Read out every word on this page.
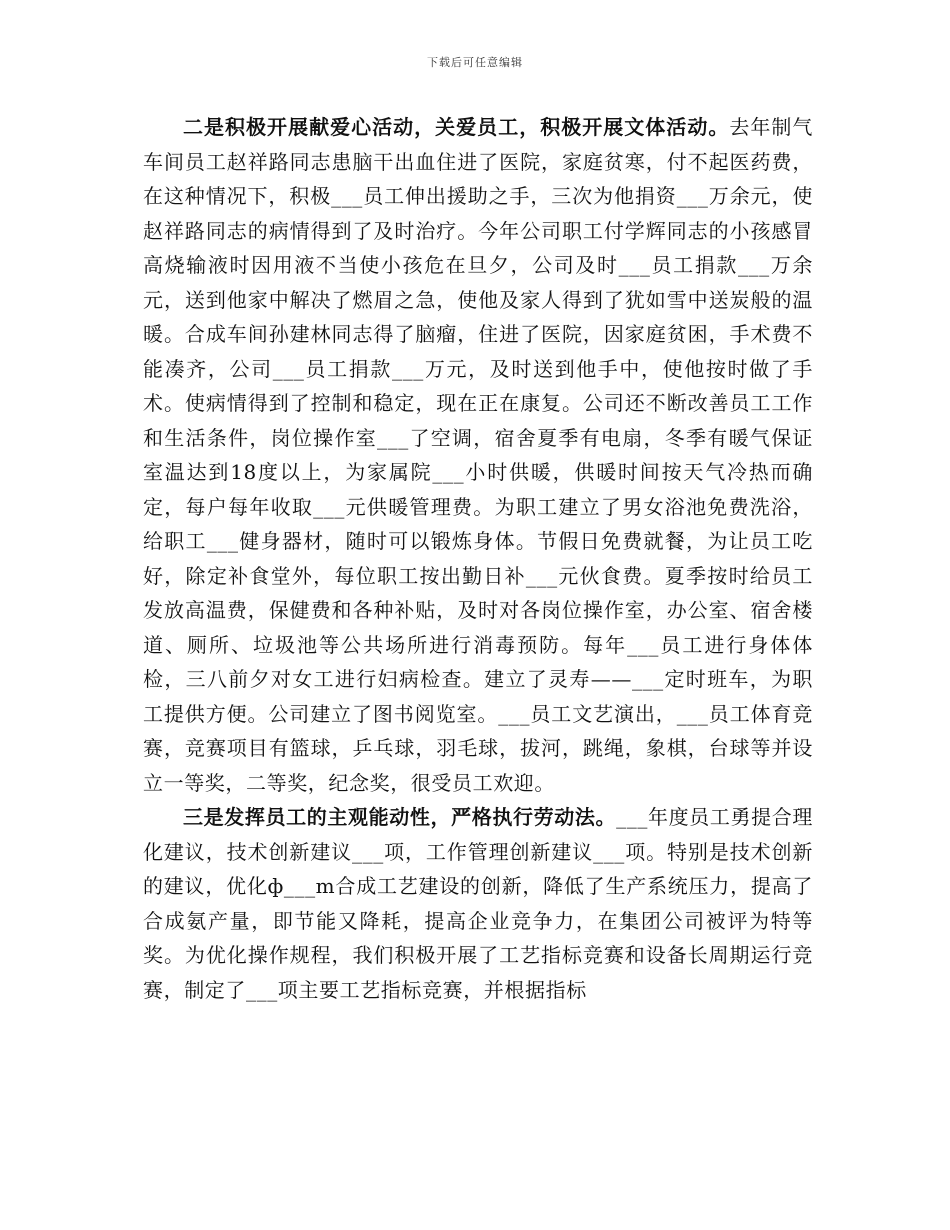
下载后可任意编辑

二是积极开展献爱心活动，关爱员工，积极开展文体活动。去年制气车间员工赵祥路同志患脑干出血住进了医院，家庭贫寒，付不起医药费，在这种情况下，积极___员工伸出援助之手，三次为他捐资___万余元，使赵祥路同志的病情得到了及时治疗。今年公司职工付学辉同志的小孩感冒高烧输液时因用液不当使小孩危在旦夕，公司及时___员工捐款___万余元，送到他家中解决了燃眉之急，使他及家人得到了犹如雪中送炭般的温暖。合成车间孙建林同志得了脑瘤，住进了医院，因家庭贫困，手术费不能凑齐，公司___员工捐款___万元，及时送到他手中，使他按时做了手术。使病情得到了控制和稳定，现在正在康复。公司还不断改善员工工作和生活条件，岗位操作室___了空调，宿舍夏季有电扇，冬季有暖气保证室温达到18度以上，为家属院___小时供暖，供暖时间按天气冷热而确定，每户每年收取___元供暖管理费。为职工建立了男女浴池免费洗浴，给职工___健身器材，随时可以锻炼身体。节假日免费就餐，为让员工吃好，除定补食堂外，每位职工按出勤日补___元伙食费。夏季按时给员工发放高温费，保健费和各种补贴，及时对各岗位操作室，办公室、宿舍楼道、厕所、垃圾池等公共场所进行消毒预防。每年___员工进行身体体检，三八前夕对女工进行妇病检查。建立了灵寿——___定时班车，为职工提供方便。公司建立了图书阅览室。___员工文艺演出，___员工体育竞赛，竞赛项目有篮球，乒乓球，羽毛球，拔河，跳绳，象棋，台球等并设立一等奖，二等奖，纪念奖，很受员工欢迎。

三是发挥员工的主观能动性，严格执行劳动法。___年度员工勇提合理化建议，技术创新建议___项，工作管理创新建议___项。特别是技术创新的建议，优化ф___m合成工艺建设的创新，降低了生产系统压力，提高了合成氨产量，即节能又降耗，提高企业竞争力，在集团公司被评为特等奖。为优化操作规程，我们积极开展了工艺指标竞赛和设备长周期运行竞赛，制定了___项主要工艺指标竞赛，并根据指标
